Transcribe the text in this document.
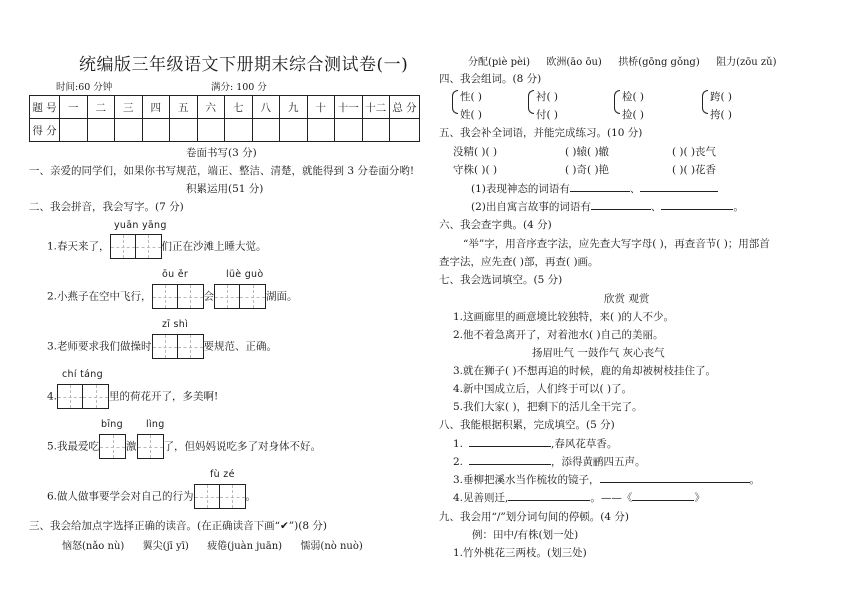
统编版三年级语文下册期末综合测试卷(一)
时间:60 分钟	满分: 100 分
题 号	一	二	三	四	五	六	七	八	九	十	十一	十二	总 分
得 分													
卷面书写(3 分)
一、亲爱的同学们，如果你书写规范，端正、整洁、清楚，就能得到 3 分卷面分哟!
积累运用(51 分)
二、我会拼音，我会写字。(7 分)
yuān yāng
1.春天来了，	们正在沙滩上睡大觉。
ōu ěr	lüè guò
2.小燕子在空中飞行，	会	湖面。
zī shì
3.老师要求我们做操时	要规范、正确。
chí táng
4.	里的荷花开了，多美啊!
bīng lìng
5.我最爱吃	激	了，但妈妈说吃多了对身体不好。
fù zé
6.做人做事要学会对自己的行为	。
三、我会给加点字选择正确的读音。(在正确读音下画“✔”)(8 分)
恼怒(nǎo nù) 翼尖(jī yī) 疲倦(juàn juān) 懦弱(nò nuò)
分配(piè pèi) 欧洲(āo ōu) 拱桥(gōng gǒng) 阻力(zōu zǔ)
四、我会组词。(8 分)
性( )
姓( )
衬( )
付( )
检( )
捡( )
跨( )
挎( )
五、我会补全词语，并能完成练习。(10 分)
没精( )( )	( )辕( )辙	( )( )丧气
守株( )( )	( )奇( )艳	( )( )花香
(1)表现神态的词语有	、
(2)出自寓言故事的词语有	、	。
六、我会查字典。(4 分)
“举”字，用音序查字法，应先查大写字母( )，再查音节( )；用部首
查字法，应先查( )部，再查( )画。
七、我会选词填空。(5 分)
欣赏 观赏
1.这画廊里的画意境比较独特，来( )的人不少。
2.他不着急离开了，对着池水( )自己的美丽。
扬眉吐气 一鼓作气 灰心丧气
3.就在狮子( )不想再追的时候，鹿的角却被树枝挂住了。
4.新中国成立后，人们终于可以( )了。
5.我们大家( )，把剩下的活儿全干完了。
八、我能根据积累，完成填空。(5 分)
1.	,春风花草香。
2.	，添得黄鹂四五声。
3.垂柳把溪水当作梳妆的镜子，	。
4.见善则迁,	。——《	》
九、我会用“/”划分词句间的停顿。(4 分)
例：田中/有株(划一处)
1.竹外桃花三两枝。(划三处)
